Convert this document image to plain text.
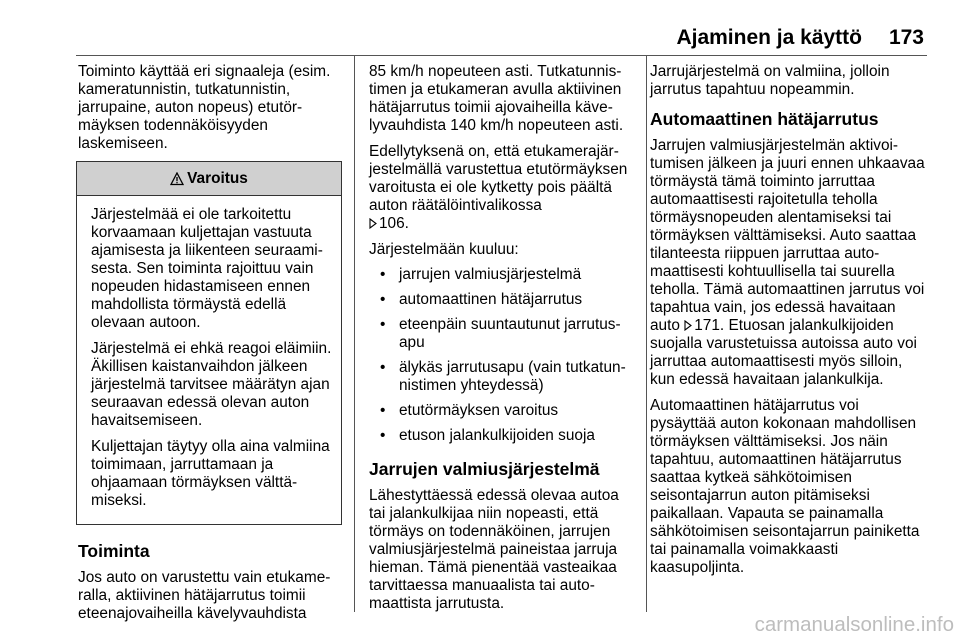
Ajaminen ja käyttö 173

Toiminto käyttää eri signaaleja (esim. kameratunnistin, tutkatunnistin, jarrupaine, auton nopeus) etutörmäyksen todennäköisyyden laskemiseen.

Varoitus

Järjestelmää ei ole tarkoitettu korvaamaan kuljettajan vastuuta ajamisesta ja liikenteen seuraamisesta. Sen toiminta rajoittuu vain nopeuden hidastamiseen ennen mahdollista törmäystä edellä olevaan autoon.

Järjestelmä ei ehkä reagoi eläimiin. Äkillisen kaistanvaihdon jälkeen järjestelmä tarvitsee määrätyn ajan seuraavan edessä olevan auton havaitsemiseen.

Kuljettajan täytyy olla aina valmiina toimimaan, jarruttamaan ja ohjaamaan törmäyksen välttämiseksi.

Toiminta

Jos auto on varustettu vain etukameralla, aktiivinen hätäjarrutus toimii eteenajovaiheilla kävelyvauhdista

85 km/h nopeuteen asti. Tutkatunnistimen ja etukameran avulla aktiivinen hätäjarrutus toimii ajovaiheilla kävelyvauhdista 140 km/h nopeuteen asti.

Edellytyksenä on, että etukamerajärjestelmällä varustettua etutörmäyksen varoitusta ei ole kytketty pois päältä auton räätälöintivalikossa
106.

Järjestelmään kuuluu:

• jarrujen valmiusjärjestelmä
• automaattinen hätäjarrutus
• eteenpäin suuntautunut jarrutusapu
• älykäs jarrutusapu (vain tutkatunnistimen yhteydessä)
• etutörmäyksen varoitus
• etuson jalankulkijoiden suoja
Jarrujen valmiusjärjestelmä

Lähestyttäessä edessä olevaa autoa tai jalankulkijaa niin nopeasti, että törmäys on todennäköinen, jarrujen valmiusjärjestelmä paineistaa jarruja hieman. Tämä pienentää vasteaikaa tarvittaessa manuaalista tai automaattista jarrutusta.

Jarrujärjestelmä on valmiina, jolloin jarrutus tapahtuu nopeammin.

Automaattinen hätäjarrutus

Jarrujen valmiusjärjestelmän aktivoitumisen jälkeen ja juuri ennen uhkaavaa törmäystä tämä toiminto jarruttaa automaattisesti rajoitetulla teholla törmäysnopeuden alentamiseksi tai törmäyksen välttämiseksi. Auto saattaa tilanteesta riippuen jarruttaa automaattisesti kohtuullisella tai suurella teholla. Tämä automaattinen jarrutus voi tapahtua vain, jos edessä havaitaan auto 171. Etuosan jalankulkijoiden suojalla varustetuissa autoissa auto voi jarruttaa automaattisesti myös silloin, kun edessä havaitaan jalankulkija.

Automaattinen hätäjarrutus voi pysäyttää auton kokonaan mahdollisen törmäyksen välttämiseksi. Jos näin tapahtuu, automaattinen hätäjarrutus saattaa kytkeä sähkötoimisen seisontajarrun auton pitämiseksi paikallaan. Vapauta se painamalla sähkötoimisen seisontajarrun painiketta tai painamalla voimakkaasti kaasupoljinta.

carmanualsonline.info
